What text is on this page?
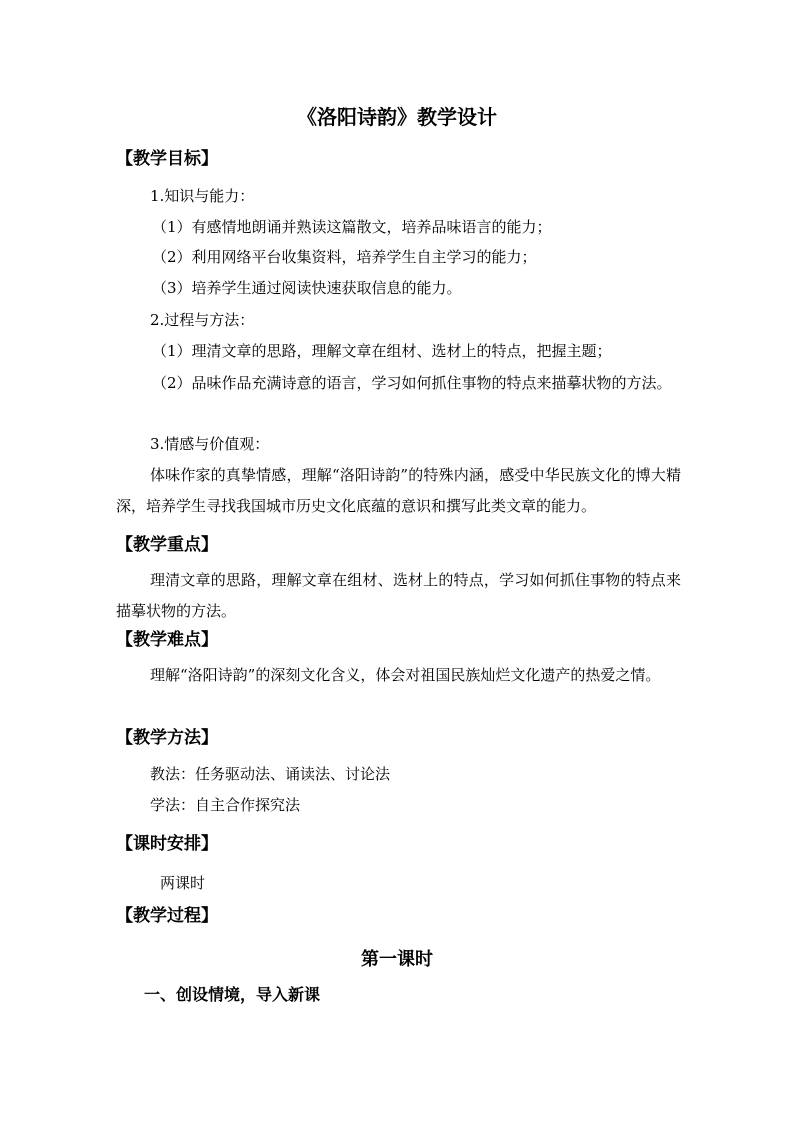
《洛阳诗韵》教学设计
【教学目标】
1.知识与能力：
（1）有感情地朗诵并熟读这篇散文，培养品味语言的能力；
（2）利用网络平台收集资料，培养学生自主学习的能力；
（3）培养学生通过阅读快速获取信息的能力。
2.过程与方法：
（1）理清文章的思路，理解文章在组材、选材上的特点，把握主题；
（2）品味作品充满诗意的语言，学习如何抓住事物的特点来描摹状物的方法。
3.情感与价值观：
体味作家的真挚情感，理解“洛阳诗韵”的特殊内涵，感受中华民族文化的博大精深，培养学生寻找我国城市历史文化底蕴的意识和撰写此类文章的能力。
【教学重点】
理清文章的思路，理解文章在组材、选材上的特点，学习如何抓住事物的特点来描摹状物的方法。
【教学难点】
理解“洛阳诗韵”的深刻文化含义，体会对祖国民族灿烂文化遗产的热爱之情。
【教学方法】
教法：任务驱动法、诵读法、讨论法
学法：自主合作探究法
【课时安排】
两课时
【教学过程】
第一课时
一、创设情境，导入新课
